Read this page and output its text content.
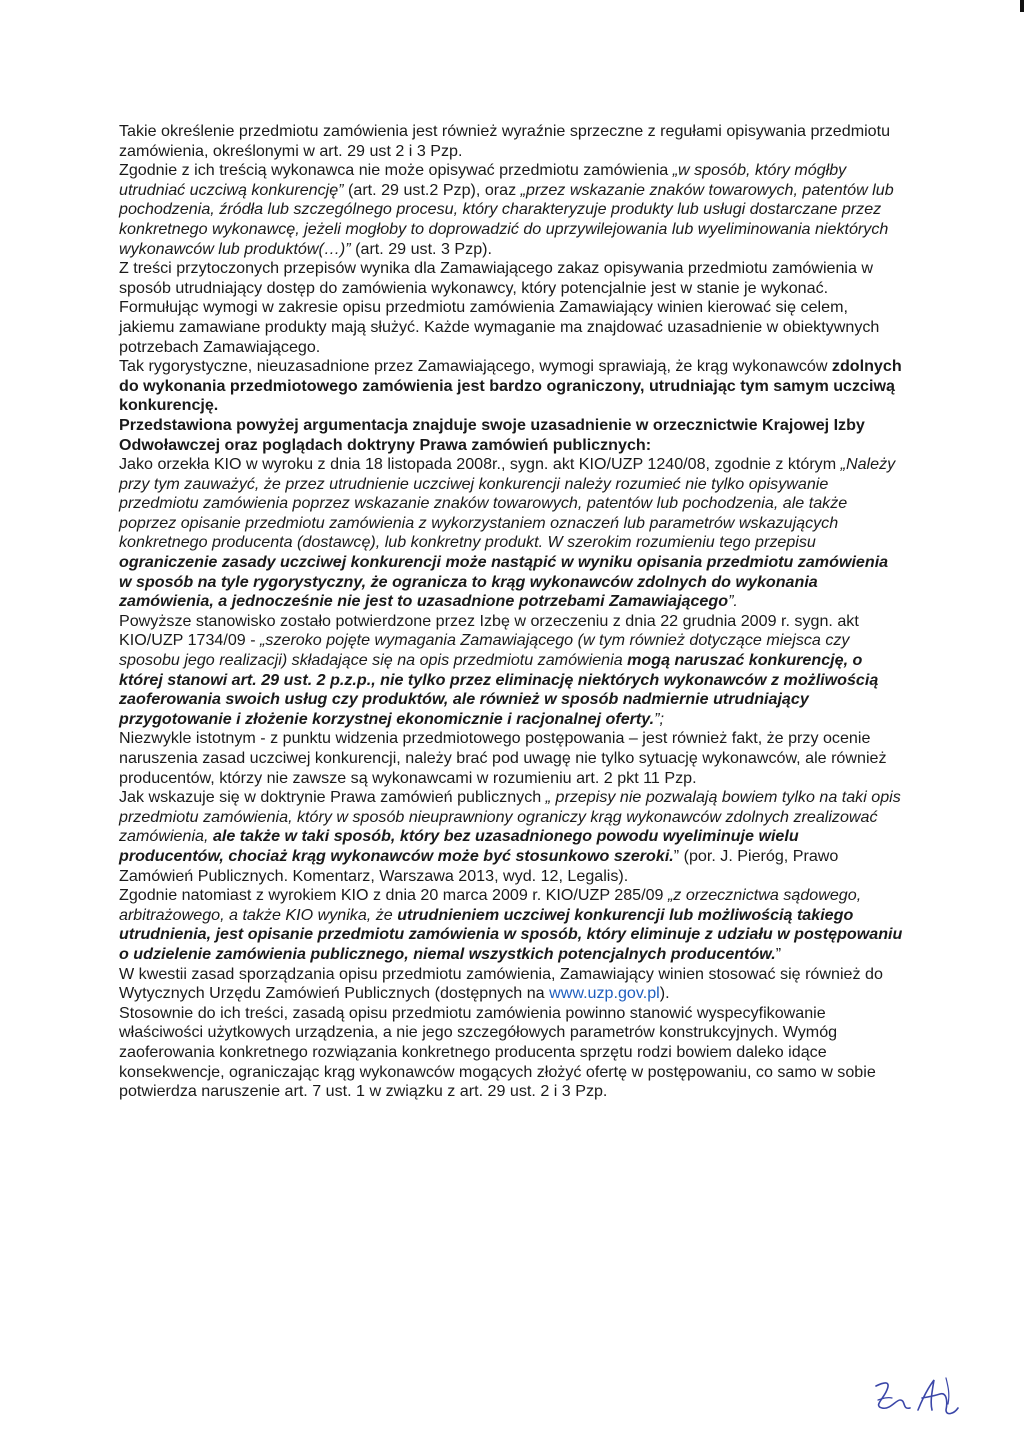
Takie określenie przedmiotu zamówienia jest również wyraźnie sprzeczne z regułami opisywania przedmiotu zamówienia, określonymi w art. 29 ust 2 i 3 Pzp.

Zgodnie z ich treścią wykonawca nie może opisywać przedmiotu zamówienia „w sposób, który mógłby utrudniać uczciwą konkurencję” (art. 29 ust.2 Pzp), oraz „przez wskazanie znaków towarowych, patentów lub pochodzenia, źródła lub szczególnego procesu, który charakteryzuje produkty lub usługi dostarczane przez konkretnego wykonawcę, jeżeli mogłoby to doprowadzić do uprzywilejowania lub wyeliminowania niektórych wykonawców lub produktów(…)” (art. 29 ust. 3 Pzp).

Z treści przytoczonych przepisów wynika dla Zamawiającego zakaz opisywania przedmiotu zamówienia w sposób utrudniający dostęp do zamówienia wykonawcy, który potencjalnie jest w stanie je wykonać. Formułując wymogi w zakresie opisu przedmiotu zamówienia Zamawiający winien kierować się celem, jakiemu zamawiane produkty mają służyć. Każde wymaganie ma znajdować uzasadnienie w obiektywnych potrzebach Zamawiającego.

Tak rygorystyczne, nieuzasadnione przez Zamawiającego, wymogi sprawiają, że krąg wykonawców zdolnych do wykonania przedmiotowego zamówienia jest bardzo ograniczony, utrudniając tym samym uczciwą konkurencję.

Przedstawiona powyżej argumentacja znajduje swoje uzasadnienie w orzecznictwie Krajowej Izby Odwoławczej oraz poglądach doktryny Prawa zamówień publicznych:

Jako orzekła KIO w wyroku z dnia 18 listopada 2008r., sygn. akt KIO/UZP 1240/08, zgodnie z którym „Należy przy tym zauważyć, że przez utrudnienie uczciwej konkurencji należy rozumieć nie tylko opisywanie przedmiotu zamówienia poprzez wskazanie znaków towarowych, patentów lub pochodzenia, ale także poprzez opisanie przedmiotu zamówienia z wykorzystaniem oznaczeń lub parametrów wskazujących konkretnego producenta (dostawcę), lub konkretny produkt. W szerokim rozumieniu tego przepisu ograniczenie zasady uczciwej konkurencji może nastąpić w wyniku opisania przedmiotu zamówienia w sposób na tyle rygorystyczny, że ogranicza to krąg wykonawców zdolnych do wykonania zamówienia, a jednocześnie nie jest to uzasadnione potrzebami Zamawiającego”.

Powyższe stanowisko zostało potwierdzone przez Izbę w orzeczeniu z dnia 22 grudnia 2009 r. sygn. akt KIO/UZP 1734/09 - „szeroko pojęte wymagania Zamawiającego (w tym również dotyczące miejsca czy sposobu jego realizacji) składające się na opis przedmiotu zamówienia mogą naruszać konkurencję, o której stanowi art. 29 ust. 2 p.z.p., nie tylko przez eliminację niektórych wykonawców z możliwością zaoferowania swoich usług czy produktów, ale również w sposób nadmiernie utrudniający przygotowanie i złożenie korzystnej ekonomicznie i racjonalnej oferty.”;

Niezwykle istotnym - z punktu widzenia przedmiotowego postępowania – jest również fakt, że przy ocenie naruszenia zasad uczciwej konkurencji, należy brać pod uwagę nie tylko sytuację wykonawców, ale również producentów, którzy nie zawsze są wykonawcami w rozumieniu art. 2 pkt 11 Pzp.

Jak wskazuje się w doktrynie Prawa zamówień publicznych „ przepisy nie pozwalają bowiem tylko na taki opis przedmiotu zamówienia, który w sposób nieuprawniony ograniczy krąg wykonawców zdolnych zrealizować zamówienia, ale także w taki sposób, który bez uzasadnionego powodu wyeliminuje wielu producentów, chociaż krąg wykonawców może być stosunkowo szeroki.” (por. J. Pieróg, Prawo Zamówień Publicznych. Komentarz, Warszawa 2013, wyd. 12, Legalis).

Zgodnie natomiast z wyrokiem KIO z dnia 20 marca 2009 r. KIO/UZP 285/09 „z orzecznictwa sądowego, arbitrażowego, a także KIO wynika, że utrudnieniem uczciwej konkurencji lub możliwością takiego utrudnienia, jest opisanie przedmiotu zamówienia w sposób, który eliminuje z udziału w postępowaniu o udzielenie zamówienia publicznego, niemal wszystkich potencjalnych producentów.”

W kwestii zasad sporządzania opisu przedmiotu zamówienia, Zamawiający winien stosować się również do Wytycznych Urzędu Zamówień Publicznych (dostępnych na www.uzp.gov.pl).

Stosownie do ich treści, zasadą opisu przedmiotu zamówienia powinno stanowić wyspecyfikowanie właściwości użytkowych urządzenia, a nie jego szczegółowych parametrów konstrukcyjnych. Wymóg zaoferowania konkretnego rozwiązania konkretnego producenta sprzętu rodzi bowiem daleko idące konsekwencje, ograniczając krąg wykonawców mogących złożyć ofertę w postępowaniu, co samo w sobie potwierdza naruszenie art. 7 ust. 1 w związku z art. 29 ust. 2 i 3 Pzp.
